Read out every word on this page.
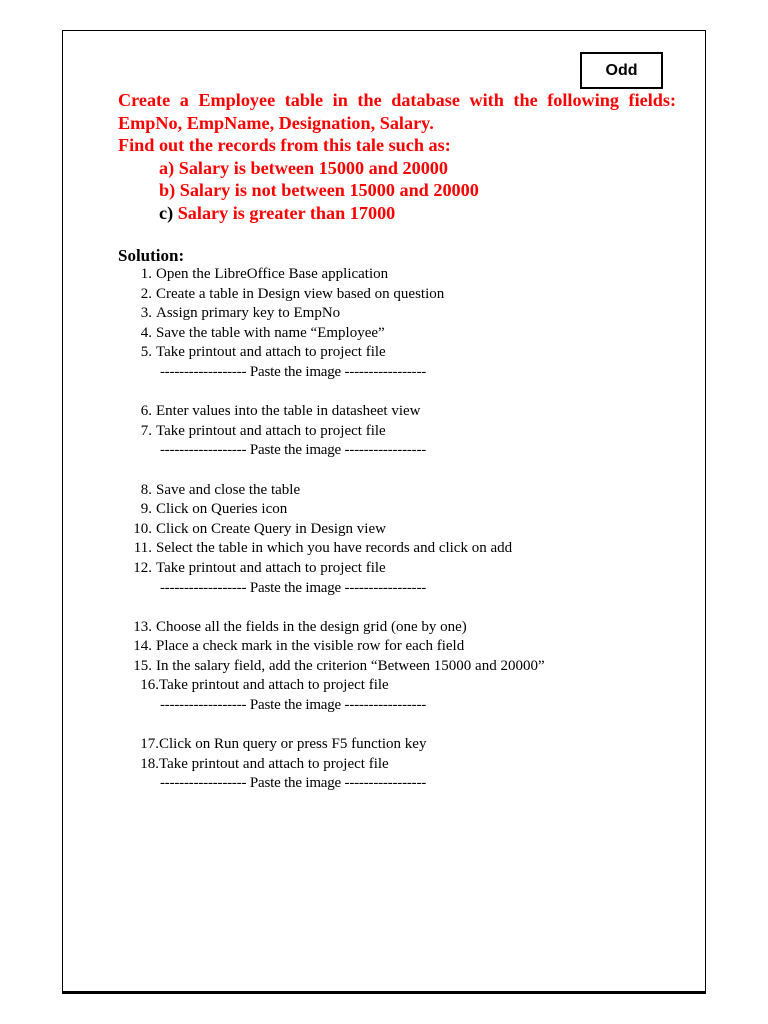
Odd
Create a Employee table in the database with the following fields:
EmpNo, EmpName, Designation, Salary.
Find out the records from this tale such as:
a) Salary is between 15000 and 20000
b) Salary is not between 15000 and 20000
c) Salary is greater than 17000
Solution:
1. Open the LibreOffice Base application
2. Create a table in Design view based on question
3. Assign primary key to EmpNo
4. Save the table with name “Employee”
5. Take printout and attach to project file
------------------ Paste the image -----------------
6. Enter values into the table in datasheet view
7. Take printout and attach to project file
------------------ Paste the image -----------------
8. Save and close the table
9. Click on Queries icon
10. Click on Create Query in Design view
11. Select the table in which you have records and click on add
12. Take printout and attach to project file
------------------ Paste the image -----------------
13. Choose all the fields in the design grid (one by one)
14. Place a check mark in the visible row for each field
15. In the salary field, add the criterion “Between 15000 and 20000”
16. Take printout and attach to project file
------------------ Paste the image -----------------
17. Click on Run query or press F5 function key
18. Take printout and attach to project file
------------------ Paste the image -----------------
